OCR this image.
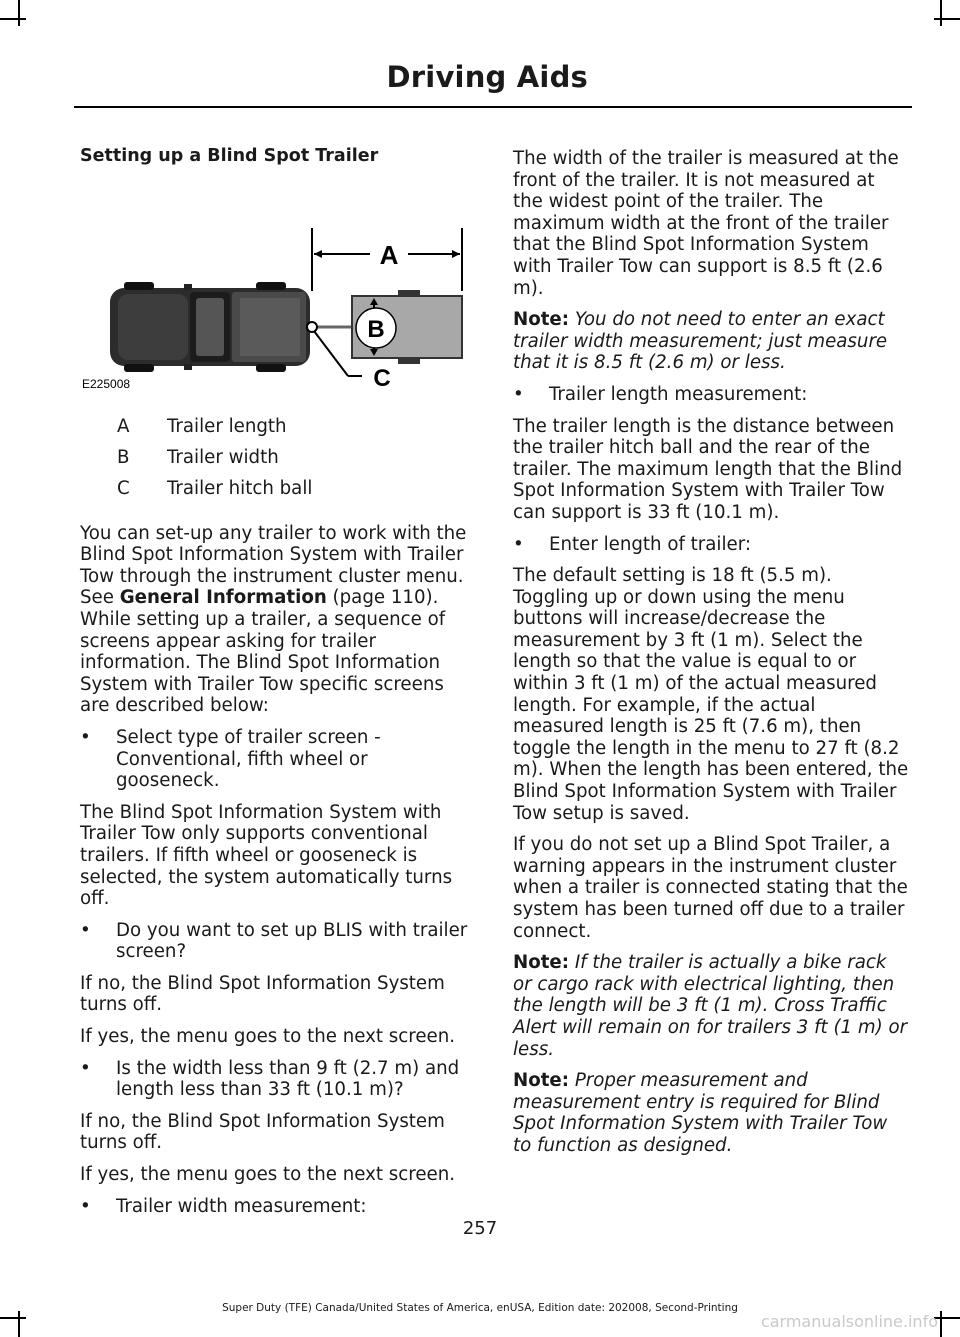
Driving Aids
Setting up a Blind Spot Trailer
A
B
C
E225008
A	Trailer length
B	Trailer width
C	Trailer hitch ball

You can set-up any trailer to work with the Blind Spot Information System with Trailer Tow through the instrument cluster menu. See General Information (page 110). While setting up a trailer, a sequence of screens appear asking for trailer information. The Blind Spot Information System with Trailer Tow specific screens are described below:

•	Select type of trailer screen - Conventional, fifth wheel or gooseneck.

The Blind Spot Information System with Trailer Tow only supports conventional trailers. If fifth wheel or gooseneck is selected, the system automatically turns off.

•	Do you want to set up BLIS with trailer screen?

If no, the Blind Spot Information System turns off.

If yes, the menu goes to the next screen.

•	Is the width less than 9 ft (2.7 m) and length less than 33 ft (10.1 m)?

If no, the Blind Spot Information System turns off.

If yes, the menu goes to the next screen.

•	Trailer width measurement:

The width of the trailer is measured at the front of the trailer. It is not measured at the widest point of the trailer. The maximum width at the front of the trailer that the Blind Spot Information System with Trailer Tow can support is 8.5 ft (2.6 m).

Note: You do not need to enter an exact trailer width measurement; just measure that it is 8.5 ft (2.6 m) or less.

•	Trailer length measurement:

The trailer length is the distance between the trailer hitch ball and the rear of the trailer. The maximum length that the Blind Spot Information System with Trailer Tow can support is 33 ft (10.1 m).

•	Enter length of trailer:

The default setting is 18 ft (5.5 m). Toggling up or down using the menu buttons will increase/decrease the measurement by 3 ft (1 m). Select the length so that the value is equal to or within 3 ft (1 m) of the actual measured length. For example, if the actual measured length is 25 ft (7.6 m), then toggle the length in the menu to 27 ft (8.2 m). When the length has been entered, the Blind Spot Information System with Trailer Tow setup is saved.

If you do not set up a Blind Spot Trailer, a warning appears in the instrument cluster when a trailer is connected stating that the system has been turned off due to a trailer connect.

Note: If the trailer is actually a bike rack or cargo rack with electrical lighting, then the length will be 3 ft (1 m). Cross Traffic Alert will remain on for trailers 3 ft (1 m) or less.

Note: Proper measurement and measurement entry is required for Blind Spot Information System with Trailer Tow to function as designed.

257
Super Duty (TFE) Canada/United States of America, enUSA, Edition date: 202008, Second-Printing
carmanualsonline.info
